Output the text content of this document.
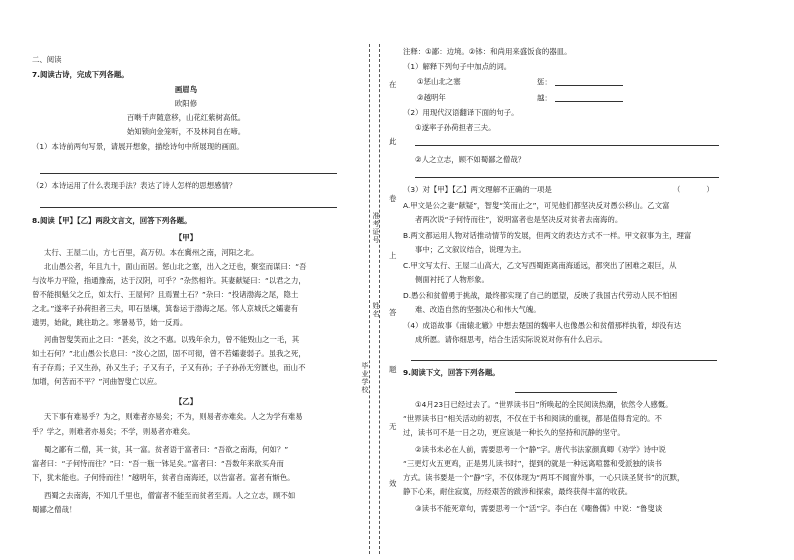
二、阅读
7.阅读古诗，完成下列各题。
画眉鸟
欧阳修
百啭千声随意移，山花红紫树高低。
始知锁向金笼听，不及林间自在啼。
（1）本诗前两句写景，请展开想象，描绘诗句中所展现的画面。
（2）本诗运用了什么表现手法？表达了诗人怎样的思想感情？
8.阅读【甲】【乙】两段文言文，回答下列各题。
【甲】
太行、王屋二山，方七百里，高万仞。本在冀州之南，河阳之北。
北山愚公者，年且九十，面山而居。惩山北之塞，出入之迂也，聚室而谋曰：“吾
与汝毕力平险，指通豫南，达于汉阴，可乎？”杂然相许。其妻献疑曰：“以君之力，
曾不能损魁父之丘，如太行、王屋何？且焉置土石？”杂曰：“投诸渤海之尾，隐土
之北。”遂率子孙荷担者三夫，叩石垦壤，箕畚运于渤海之尾。邻人京城氏之孀妻有
遗男，始龀，跳往助之。寒暑易节，始一反焉。
河曲智叟笑而止之曰：“甚矣，汝之不惠。以残年余力，曾不能毁山之一毛，其
如土石何？”北山愚公长息曰：“汝心之固，固不可彻，曾不若孀妻弱子。虽我之死，
有子存焉；子又生孙，孙又生子；子又有子，子又有孙；子子孙孙无穷匮也，而山不
加增，何苦而不平？”河曲智叟亡以应。
【乙】
天下事有难易乎？为之，则难者亦易矣；不为，则易者亦难矣。人之为学有难易
乎？学之，则难者亦易矣；不学，则易者亦难矣。
蜀之鄙有二僧，其一贫，其一富。贫者语于富者曰：“吾欲之南海，何如？”
富者曰：“子何恃而往？”曰：“吾一瓶一钵足矣。”富者曰：“吾数年来欲买舟而
下，犹未能也。子何恃而往！”越明年，贫者自南海还，以告富者。富者有惭色。
西蜀之去南海，不知几千里也，僧富者不能至而贫者至焉。人之立志，顾不如
蜀鄙之僧哉！
在
此
卷
上
答
题
无
效
准考证号
姓名
毕业学校
注释：①鄙：边境。②钵：和尚用来盛饭食的器皿。
（1）解释下列句子中加点的词。
①惩山北之塞	惩：
②越明年	越：
（2）用现代汉语翻译下面的句子。
①遂率子孙荷担者三夫。
②人之立志，顾不如蜀鄙之僧哉？
（3）对【甲】【乙】两文理解不正确的一项是	（	）
A.甲文是公之妻“献疑”，智叟“笑而止之”，可见他们都坚决反对愚公移山。乙文富
者两次说“子何恃而往”，说明富者也是坚决反对贫者去南海的。
B.两文都运用人物对话推动情节的发展，但两文的表达方式不一样。甲文叙事为主，理富
事中；乙文叙议结合，说理为主。
C.甲文写太行、王屋二山高大，乙文写西蜀距离南海遥远，都突出了困难之艰巨，从
侧面衬托了人物形象。
D.愚公和贫僧勇于挑战，最终都实现了自己的愿望，反映了我国古代劳动人民不怕困
难、改造自然的坚强决心和伟大气魄。
（4）成语故事《南辕北辙》中想去楚国的魏率人也像愚公和贫僧那样执着，却没有达
成所愿。请你细思考，结合生活实际说说对你有什么启示。
9.阅读下文，回答下列各题。
①4月23日已经过去了。“世界读书日”所唤起的全民阅读热潮，依然令人感慨。
“世界读书日”相关活动的初衷，不仅在于书和阅读的重视，都是值得肯定的。不
过，读书可不是一日之功，更应该是一种长久的坚持和沉静的坚守。
②读书未必在人前，需要思考一个“静”字。唐代书法家颜真卿《劝学》诗中说
“三更灯火五更鸡，正是男儿读书时”，提到的就是一种远离喧嚣和受派独的读书
方式。读书要是一个“静”字，不仅体现为“两耳不闻窗外事，一心只读圣贤书”的沉默，
静下心来，耐住寂寞，历经艰苦的跋涉和探索，最终获得丰富的收获。
③读书不能死章句，需要思考一个“活”字。李白在《嘲鲁儒》中说：“鲁叟谈
